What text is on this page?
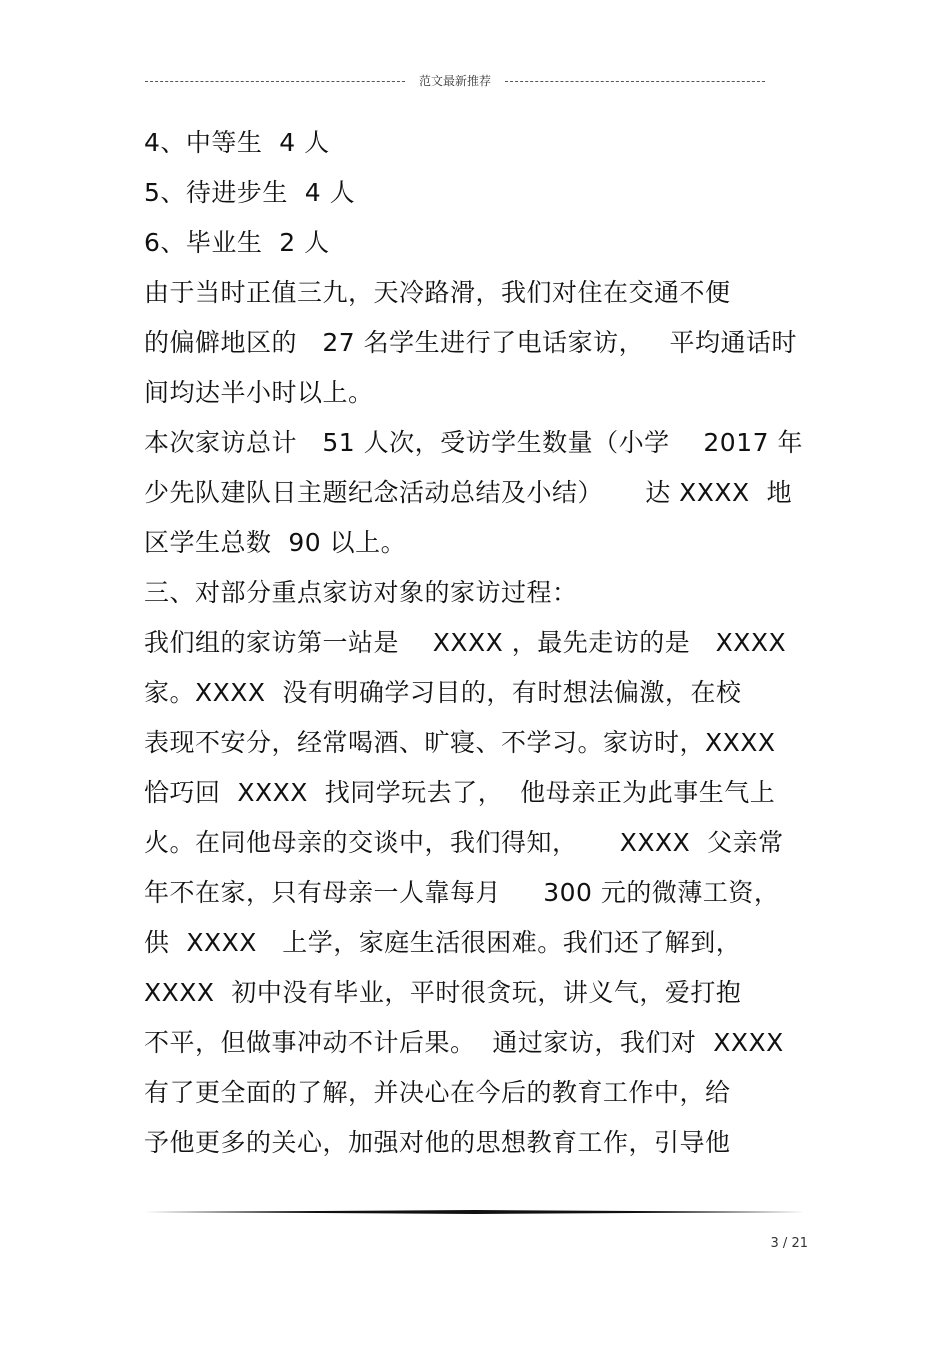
范文最新推荐
4、中等生  4 人
5、待进步生  4 人
6、毕业生  2 人
由于当时正值三九，天冷路滑，我们对住在交通不便
的偏僻地区的   27 名学生进行了电话家访，   平均通话时
间均达半小时以上。
本次家访总计   51 人次，受访学生数量（小学    2017 年
少先队建队日主题纪念活动总结及小结）     达 XXXX  地
区学生总数  90 以上。
三、对部分重点家访对象的家访过程：
我们组的家访第一站是    XXXX ，最先走访的是   XXXX
家。XXXX  没有明确学习目的，有时想法偏激，在校
表现不安分，经常喝酒、旷寝、不学习。家访时，XXXX
恰巧回  XXXX  找同学玩去了，  他母亲正为此事生气上
火。在同他母亲的交谈中，我们得知，     XXXX  父亲常
年不在家，只有母亲一人靠每月     300 元的微薄工资，
供  XXXX   上学，家庭生活很困难。我们还了解到，
XXXX  初中没有毕业，平时很贪玩，讲义气，爱打抱
不平，但做事冲动不计后果。  通过家访，我们对  XXXX
有了更全面的了解，并决心在今后的教育工作中，给
予他更多的关心，加强对他的思想教育工作，引导他
3 / 21
